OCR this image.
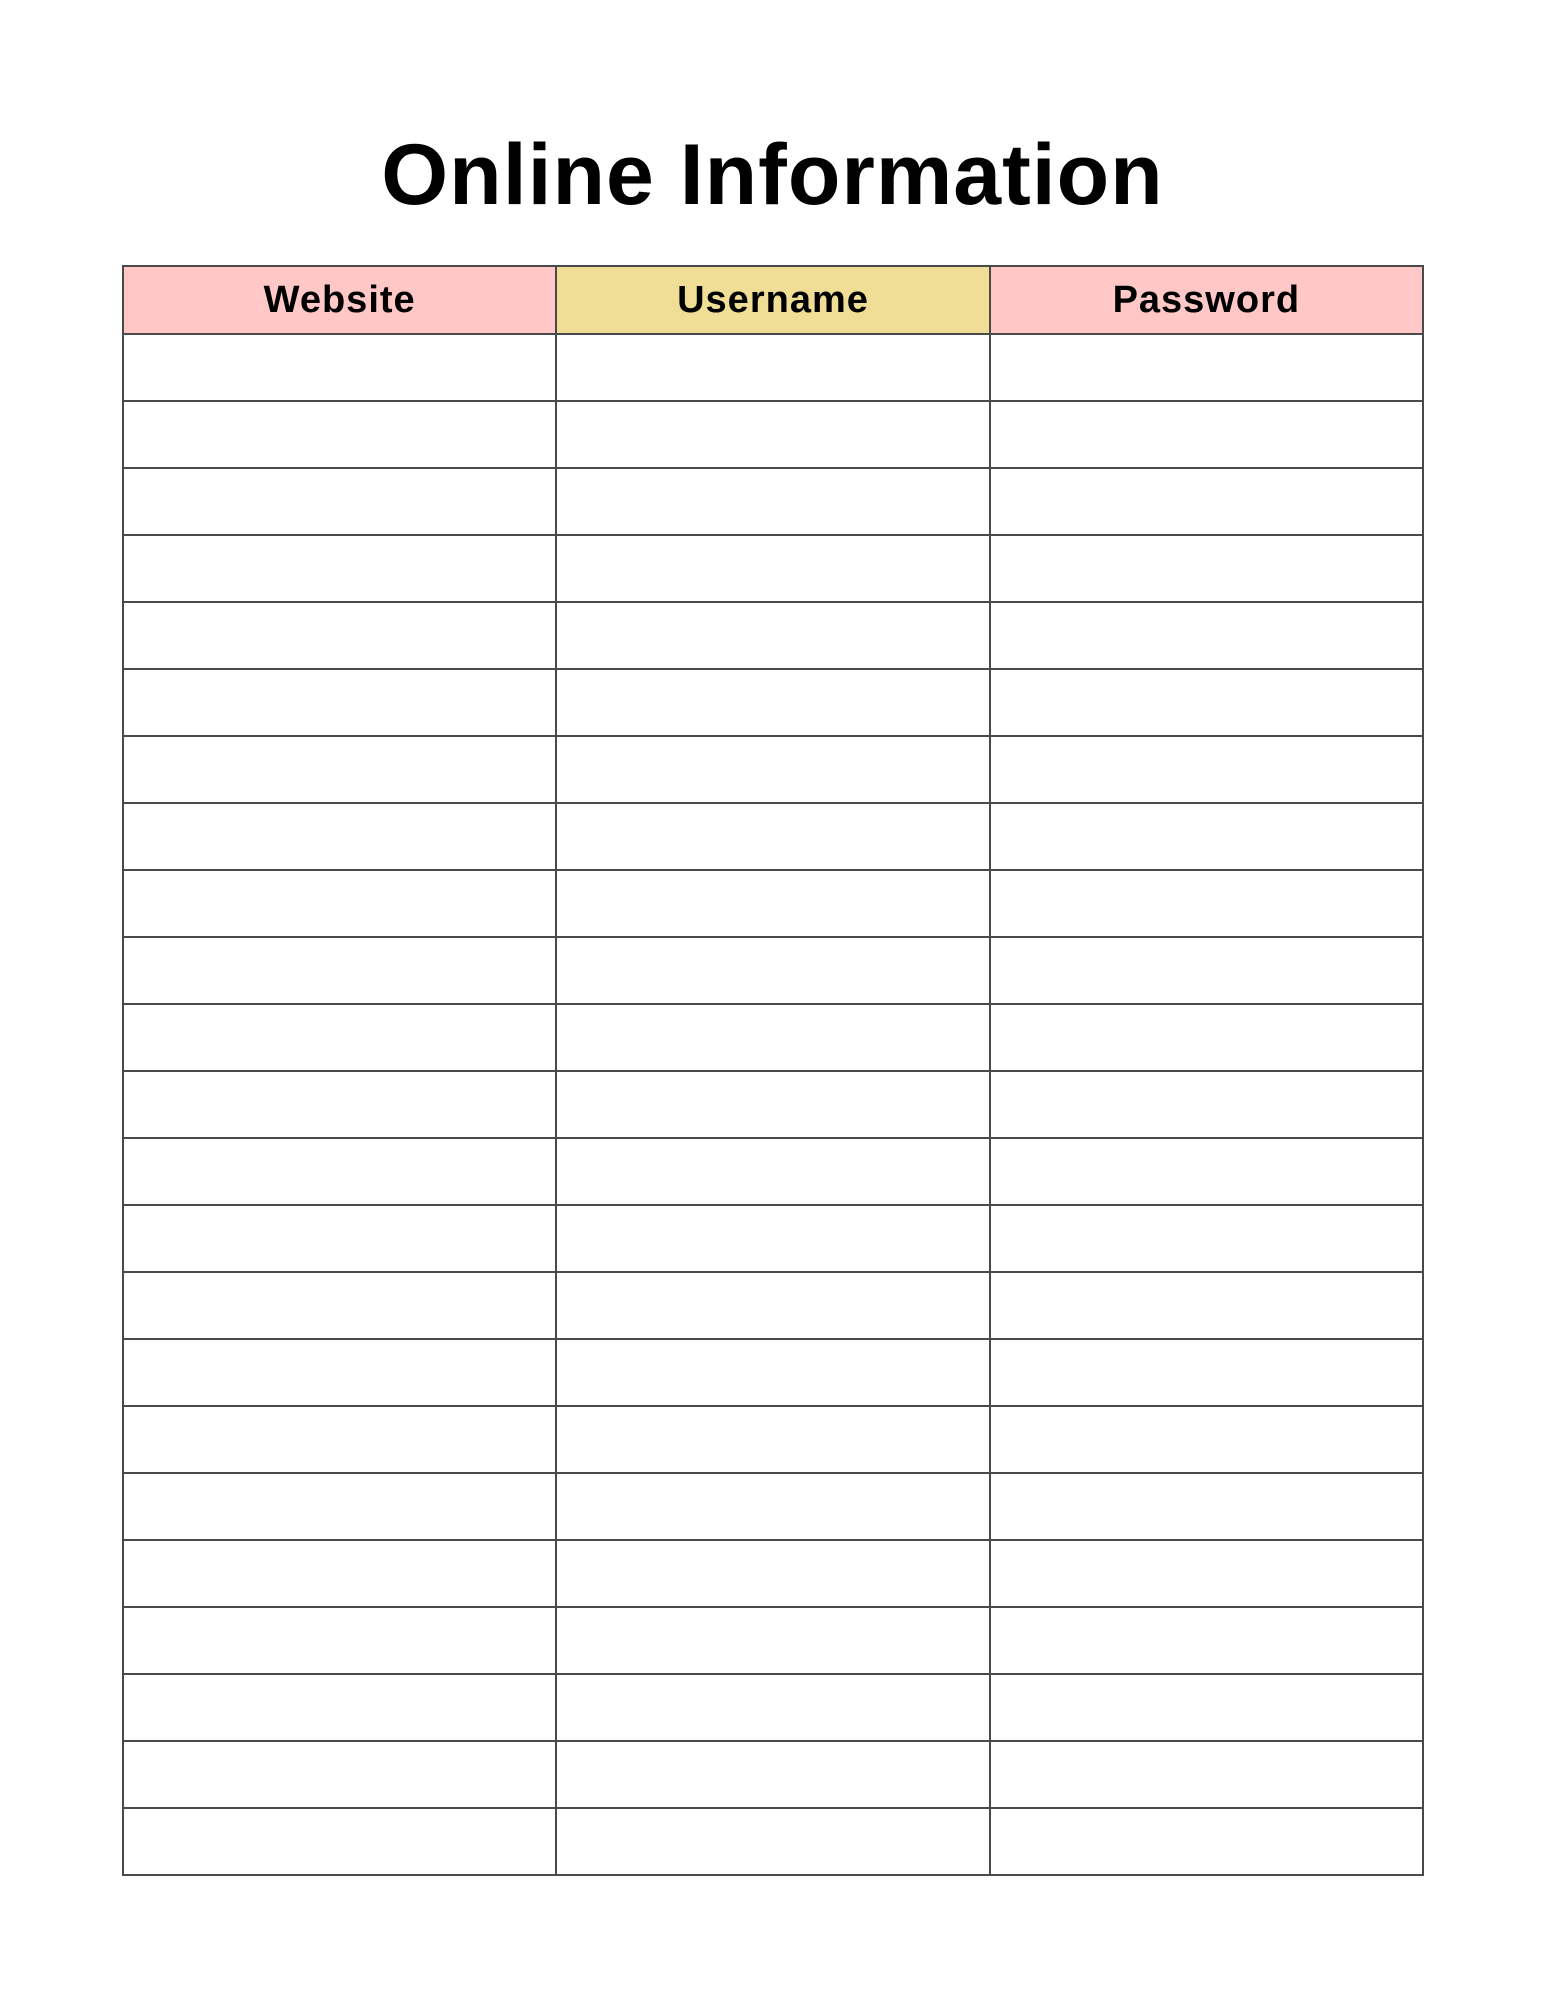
Online Information
Website	Username	Password
